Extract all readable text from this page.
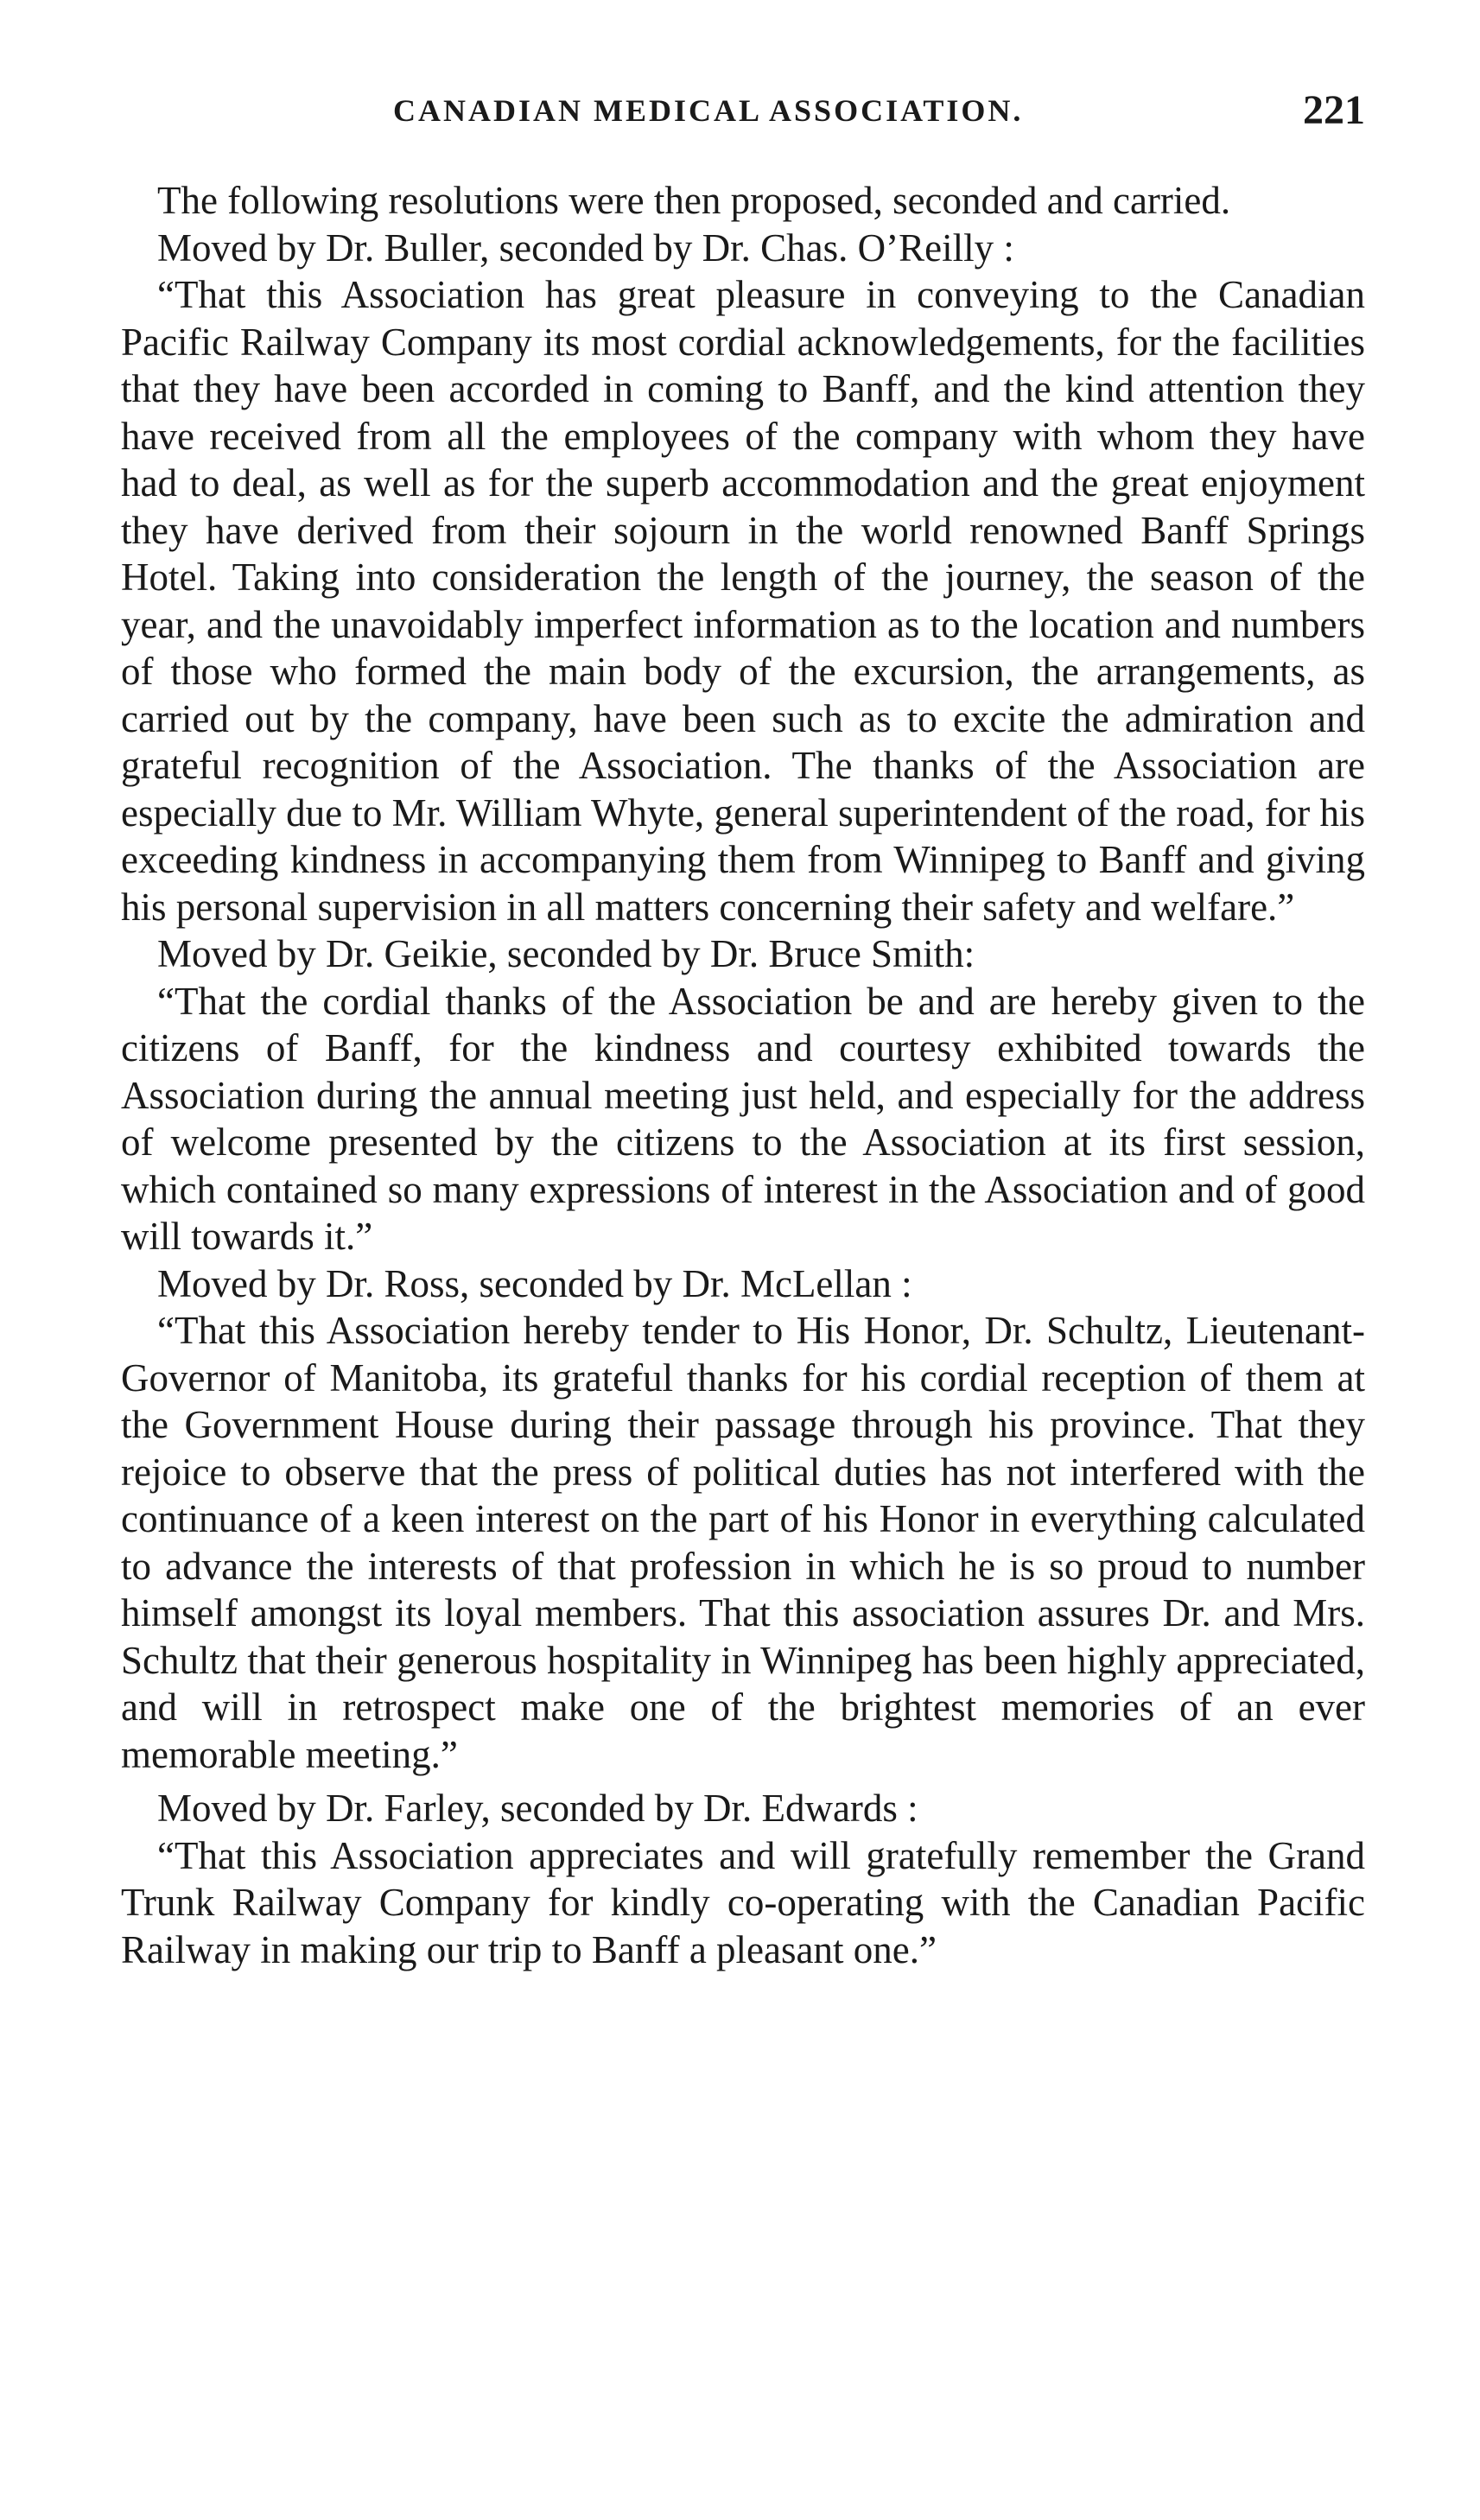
CANADIAN MEDICAL ASSOCIATION.	221

The following resolutions were then proposed, seconded and carried.

Moved by Dr. Buller, seconded by Dr. Chas. O’Reilly :

“That this Association has great pleasure in conveying to the Canadian Pacific Railway Company its most cordial acknowledgements, for the facilities that they have been accorded in coming to Banff, and the kind attention they have received from all the employees of the company with whom they have had to deal, as well as for the superb accommodation and the great enjoyment they have derived from their sojourn in the world renowned Banff Springs Hotel. Taking into consideration the length of the journey, the season of the year, and the unavoidably imperfect information as to the location and numbers of those who formed the main body of the excursion, the arrangements, as carried out by the company, have been such as to excite the admiration and grateful recognition of the Association. The thanks of the Association are especially due to Mr. William Whyte, general superintendent of the road, for his exceeding kindness in accompanying them from Winnipeg to Banff and giving his personal supervision in all matters concerning their safety and welfare.”

Moved by Dr. Geikie, seconded by Dr. Bruce Smith:

“That the cordial thanks of the Association be and are hereby given to the citizens of Banff, for the kindness and courtesy exhibited towards the Association during the annual meeting just held, and especially for the address of welcome presented by the citizens to the Association at its first session, which contained so many expressions of interest in the Association and of good will towards it.”

Moved by Dr. Ross, seconded by Dr. McLellan :

“That this Association hereby tender to His Honor, Dr. Schultz, Lieutenant-Governor of Manitoba, its grateful thanks for his cordial reception of them at the Government House during their passage through his province. That they rejoice to observe that the press of political duties has not interfered with the continuance of a keen interest on the part of his Honor in everything calculated to advance the interests of that profession in which he is so proud to number himself amongst its loyal members. That this association assures Dr. and Mrs. Schultz that their generous hospitality in Winnipeg has been highly appreciated, and will in retrospect make one of the brightest memories of an ever memorable meeting.”

Moved by Dr. Farley, seconded by Dr. Edwards :

“That this Association appreciates and will gratefully remember the Grand Trunk Railway Company for kindly co-operating with the Canadian Pacific Railway in making our trip to Banff a pleasant one.”
